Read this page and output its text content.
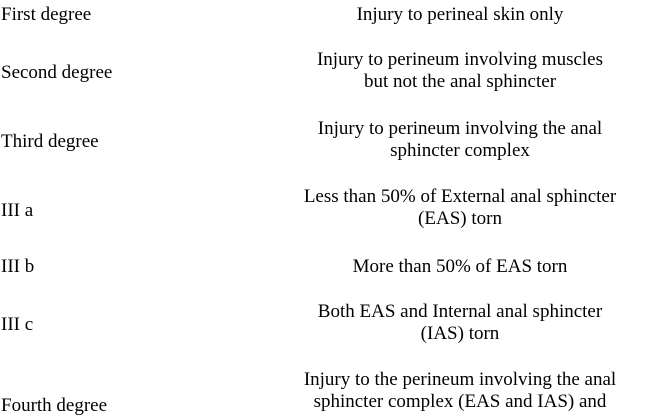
First degree	Injury to perineal skin only
Second degree
Injury to perineum involving muscles
but not the anal sphincter
Third degree
Injury to perineum involving the anal
sphincter complex
III a
Less than 50% of External anal sphincter
(EAS) torn
III b	More than 50% of EAS torn
III c
Both EAS and Internal anal sphincter
(IAS) torn
Fourth degree
Injury to the perineum involving the anal
sphincter complex (EAS and IAS) and
